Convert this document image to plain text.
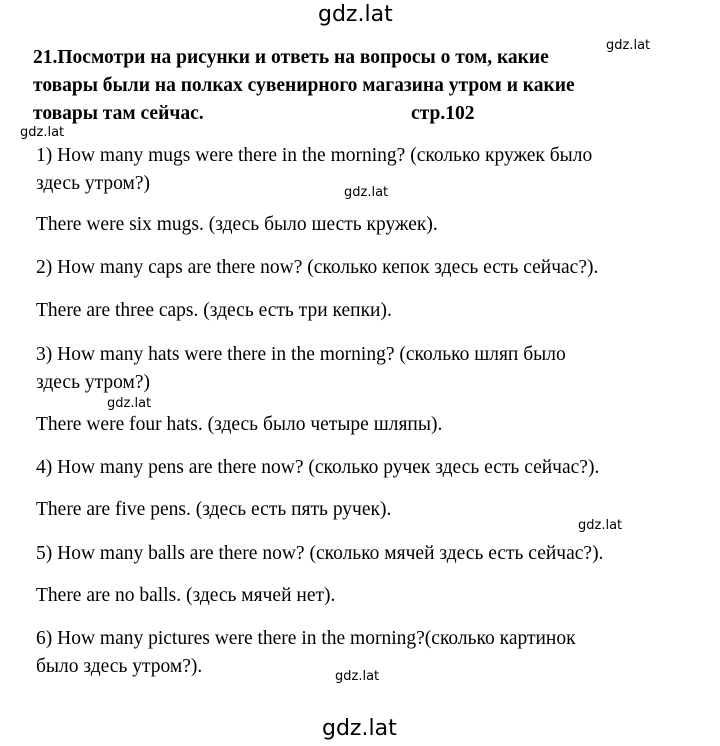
gdz.lat
gdz.lat
gdz.lat
gdz.lat
gdz.lat
gdz.lat
gdz.lat
gdz.lat
21.Посмотри на рисунки и ответь на вопросы о том, какие
товары были на полках сувенирного магазина утром и какие
товары там сейчас.	стр.102
1) How many mugs were there in the morning? (сколько кружек было
здесь утром?)
There were six mugs. (здесь было шесть кружек).
2) How many caps are there now? (сколько кепок здесь есть сейчас?).
There are three caps. (здесь есть три кепки).
3) How many hats were there in the morning? (сколько шляп было
здесь утром?)
There were four hats. (здесь было четыре шляпы).
4) How many pens are there now? (сколько ручек здесь есть сейчас?).
There are five pens. (здесь есть пять ручек).
5) How many balls are there now? (сколько мячей здесь есть сейчас?).
There are no balls. (здесь мячей нет).
6) How many pictures were there in the morning?(сколько картинок
было здесь утром?).
